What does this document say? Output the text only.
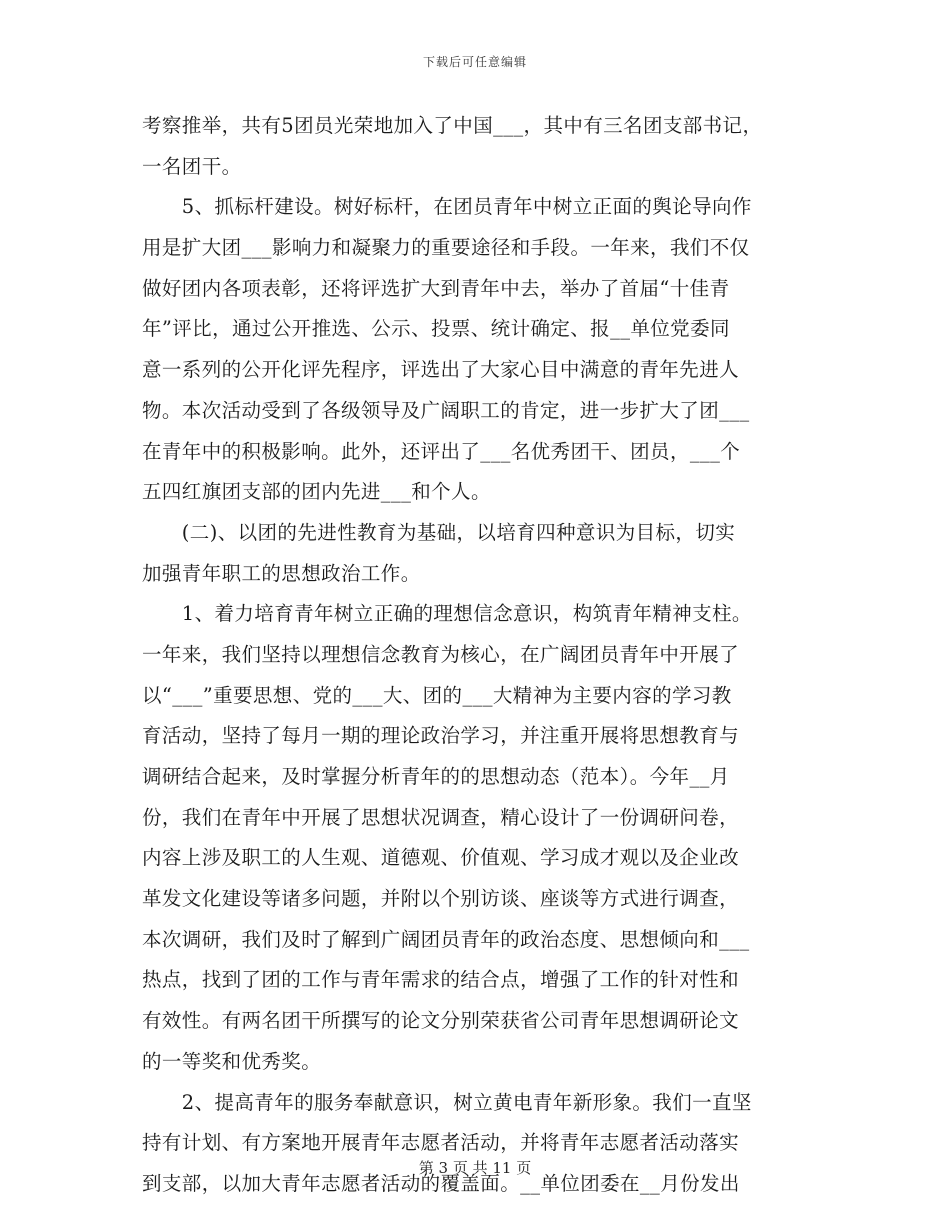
下载后可任意编辑
考察推举，共有5团员光荣地加入了中国___，其中有三名团支部书记，
一名团干。
　　5、抓标杆建设。树好标杆，在团员青年中树立正面的舆论导向作
用是扩大团___影响力和凝聚力的重要途径和手段。一年来，我们不仅
做好团内各项表彰，还将评选扩大到青年中去，举办了首届“十佳青
年”评比，通过公开推选、公示、投票、统计确定、报__单位党委同
意一系列的公开化评先程序，评选出了大家心目中满意的青年先进人
物。本次活动受到了各级领导及广阔职工的肯定，进一步扩大了团___
在青年中的积极影响。此外，还评出了___名优秀团干、团员，___个
五四红旗团支部的团内先进___和个人。
　　(二)、以团的先进性教育为基础，以培育四种意识为目标，切实
加强青年职工的思想政治工作。
　　1、着力培育青年树立正确的理想信念意识，构筑青年精神支柱。
一年来，我们坚持以理想信念教育为核心，在广阔团员青年中开展了
以“___”重要思想、党的___大、团的___大精神为主要内容的学习教
育活动，坚持了每月一期的理论政治学习，并注重开展将思想教育与
调研结合起来，及时掌握分析青年的的思想动态（范本）。今年__月
份，我们在青年中开展了思想状况调查，精心设计了一份调研问卷，
内容上涉及职工的人生观、道德观、价值观、学习成才观以及企业改
革发文化建设等诸多问题，并附以个别访谈、座谈等方式进行调查，
本次调研，我们及时了解到广阔团员青年的政治态度、思想倾向和___
热点，找到了团的工作与青年需求的结合点，增强了工作的针对性和
有效性。有两名团干所撰写的论文分别荣获省公司青年思想调研论文
的一等奖和优秀奖。
　　2、提高青年的服务奉献意识，树立黄电青年新形象。我们一直坚
持有计划、有方案地开展青年志愿者活动，并将青年志愿者活动落实
到支部，以加大青年志愿者活动的覆盖面。__单位团委在__月份发出
第 3 页 共 11 页
